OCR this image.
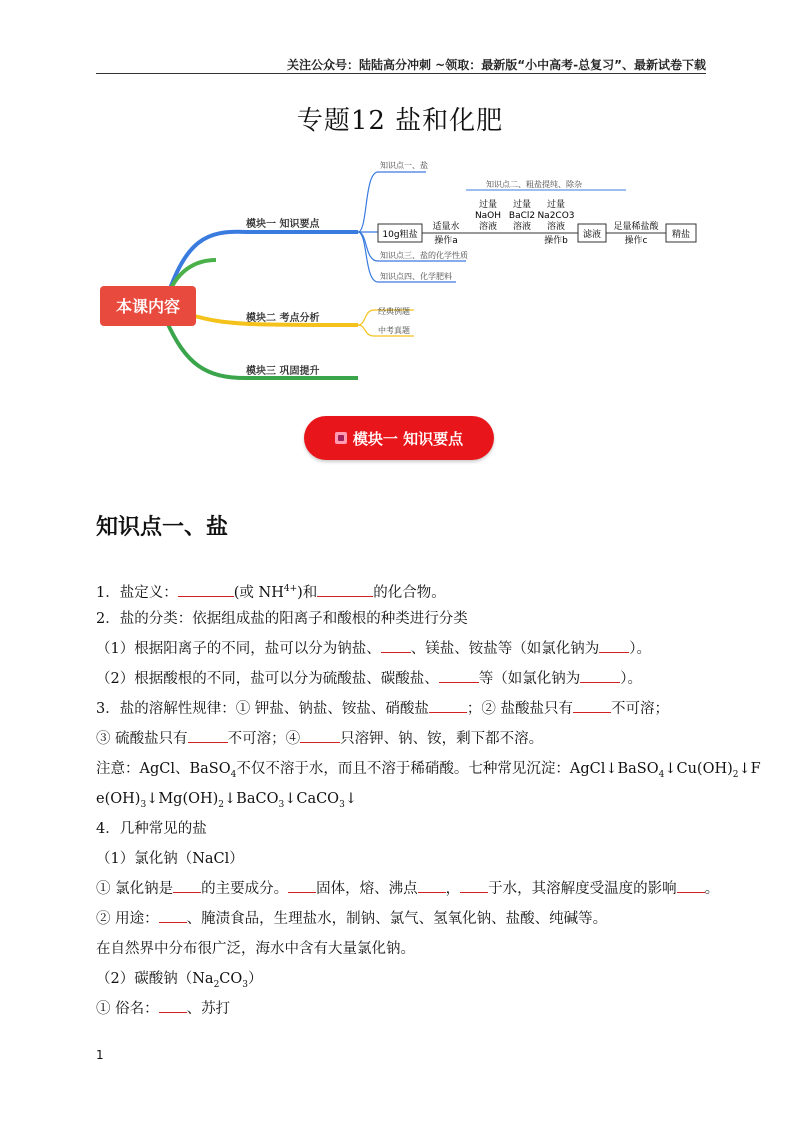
关注公众号：陆陆高分冲刺 ~领取：最新版“小中高考-总复习”、最新试卷下载
专题12 盐和化肥
本课内容
模块一 知识要点
模块二 考点分析
模块三 巩固提升
知识点一、盐
知识点二、粗盐提纯、除杂
知识点三、盐的化学性质
知识点四、化学肥料
10g粗盐
适量水
操作a
过量
NaOH
溶液
过量
BaCl2
溶液
过量
Na2CO3
溶液
操作b
滤液
足量稀盐酸
操作c
精盐
经典例题
中考真题
模块一 知识要点
知识点一、盐
1．盐定义：	(或 $NH^{4+}$)和	的化合物。
2．盐的分类：依据组成盐的阳离子和酸根的种类进行分类
（1）根据阳离子的不同，盐可以分为钠盐、 、镁盐、铵盐等（如氯化钠为 ）。
（2）根据酸根的不同，盐可以分为硫酸盐、碳酸盐、	等（如氯化钠为	）。
3．盐的溶解性规律：① 钾盐、钠盐、铵盐、硝酸盐	；② 盐酸盐只有	不可溶；
③ 硫酸盐只有	不可溶；④	只溶钾、钠、铵，剩下都不溶。
注意：AgCl、BaSO$_4$不仅不溶于水，而且不溶于稀硝酸。七种常见沉淀：$AgCl↓BaSO_4↓Cu(OH)_2↓F$
$e(OH)_3↓Mg(OH)_2↓BaCO_3↓CaCO_3↓$
4．几种常见的盐
（1）氯化钠（NaCl）
① 氯化钠是 的主要成分。 固体，熔、沸点 ， 于水，其溶解度受温度的影响 。
② 用途： 、腌渍食品，生理盐水，制钠、氯气、氢氧化钠、盐酸、纯碱等。
在自然界中分布很广泛，海水中含有大量氯化钠。
（2）碳酸钠$(Na_2CO_3)$
① 俗名： 、苏打
1
